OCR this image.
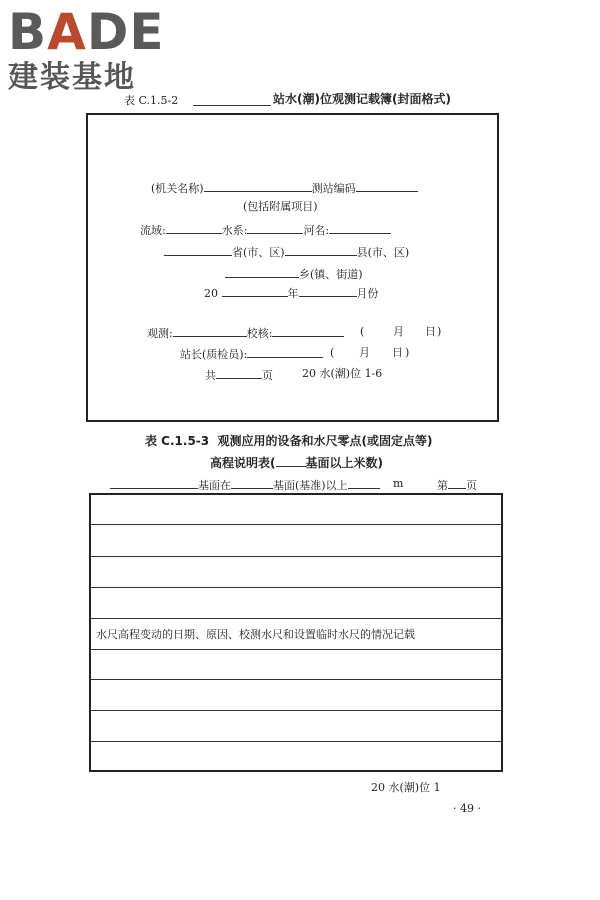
BADE
建装基地
表 C.1.5-2	站水(潮)位观测记载簿(封面格式)
(机关名称)	测站编码
(包括附属项目)
流域:	水系:	河名:
省(市、区)	县(市、区)
乡(镇、街道)
20	年	月份
观测:	校核:	(	月 日 )
站长(质检员):	( 月 日 )
共	页	20 水(潮)位 1-6
表 C.1.5-3 观测应用的设备和水尺零点(或固定点等)
高程说明表(	基面以上米数)
基面在	基面(基准)以上	m	第 页
水尺高程变动的日期、原因、校测水尺和设置临时水尺的情况记载
20 水(潮)位 1
· 49 ·
